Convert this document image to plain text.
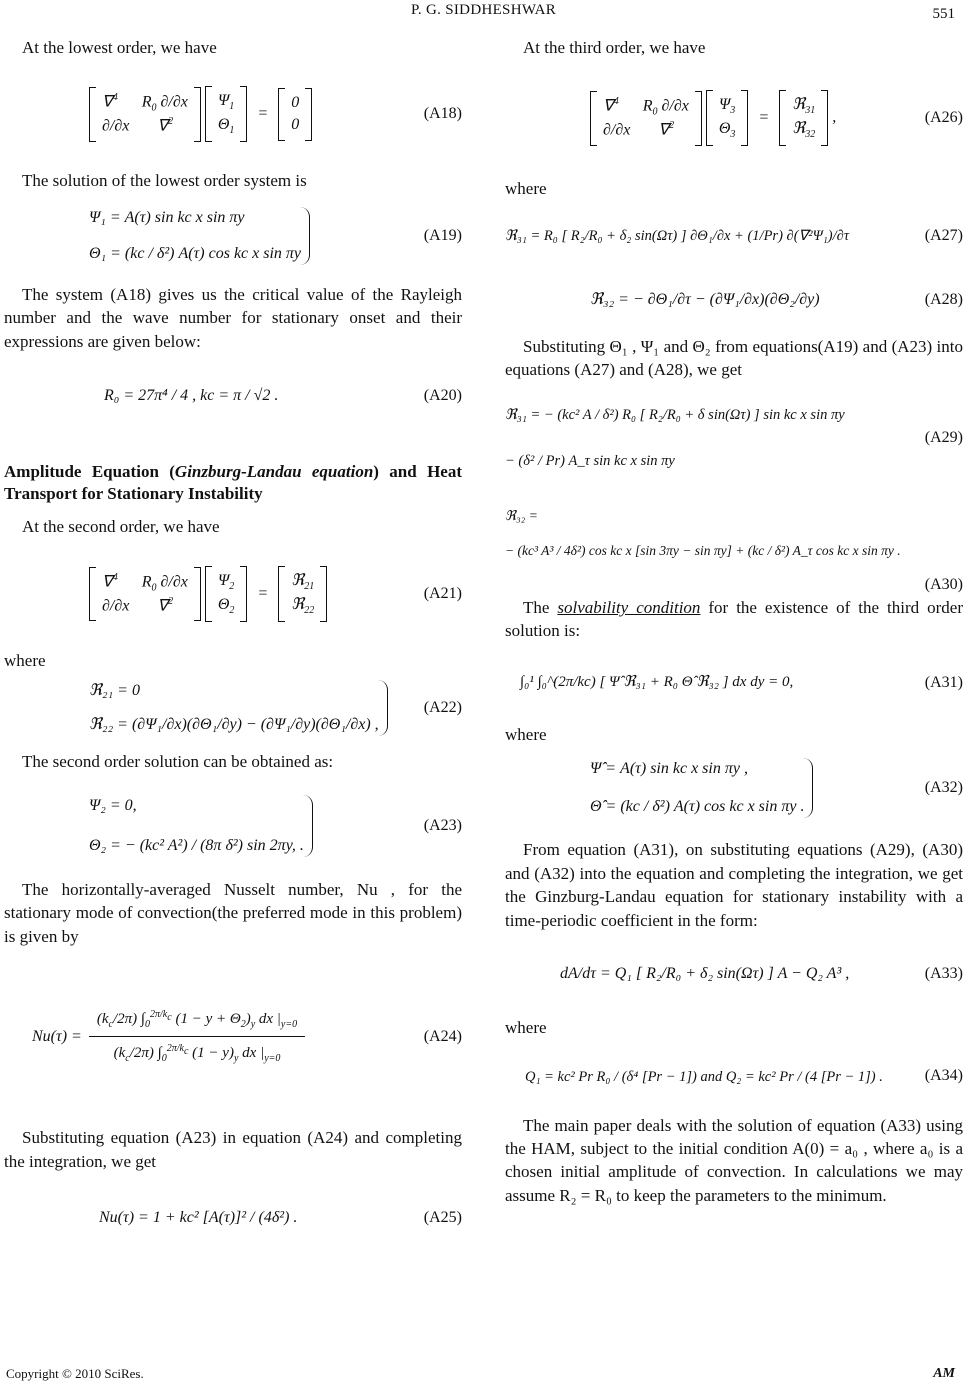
P. G. SIDDHESHWAR	551

At the lowest order, we have

∇$^4$      $R_0$ ∂/∂x
∂/∂x       ∇$^2$

$\Psi_1$
$\Theta_1$
=
0
0
(A18)

The solution of the lowest order system is

Ψ₁ = A(τ) sin kc x sin πy
Θ₁ = (kc / δ²) A(τ) cos kc x sin πy
(A19)

The system (A18) gives us the critical value of the Rayleigh number and the wave number for stationary onset and their expressions are given below:

R₀ = 27π⁴ / 4 , kc = π / √2 .	(A20)

Amplitude Equation (Ginzburg-Landau equation) and Heat Transport for Stationary Instability

At the second order, we have

∇$^4$      $R_0$ ∂/∂x
∂/∂x       ∇$^2$

$\Psi_2$
$\Theta_2$
=
ℜ$_{21}$
ℜ$_{22}$
(A21)

where

ℜ₂₁ = 0
ℜ₂₂ = (∂Ψ₁/∂x)(∂Θ₁/∂y) − (∂Ψ₁/∂y)(∂Θ₁/∂x) ,
(A22)

The second order solution can be obtained as:

Ψ₂ = 0,
Θ₂ = − (kc² A²) / (8π δ²) sin 2πy, .
(A23)

The horizontally-averaged Nusselt number, Nu , for the stationary mode of convection(the preferred mode in this problem) is given by

$Nu(\tau) = \frac{(k_c/2\pi) \int_0^{2\pi/k_c} (1 - y + \Theta_2)_y dx |_{y=0}}{(k_c/2\pi) \int_0^{2\pi/k_c} (1 - y)_y dx |_{y=0}}$	(A24)

Substituting equation (A23) in equation (A24) and completing the integration, we get

Nu(τ) = 1 + kc² [A(τ)]² / (4δ²) .	(A25)

At the third order, we have

∇$^4$      $R_0$ ∂/∂x
∂/∂x       ∇$^2$

$\Psi_3$
$\Theta_3$
=
ℜ$_{31}$
ℜ$_{32}$
,	(A26)

where

ℜ₃₁ = R₀ [ R₂/R₀ + δ₂ sin(Ωτ) ] ∂Θ₁/∂x + (1/Pr) ∂(∇²Ψ₁)/∂τ	(A27)
ℜ₃₂ = − ∂Θ₁/∂τ − (∂Ψ₁/∂x)(∂Θ₂/∂y)	(A28)

Substituting Θ₁ , Ψ₁ and Θ₂ from equations(A19) and (A23) into equations (A27) and (A28), we get

ℜ₃₁ = − (kc² A / δ²) R₀ [ R₂/R₀ + δ sin(Ωτ) ] sin kc x sin πy
− (δ² / Pr) A_τ sin kc x sin πy
(A29)
ℜ₃₂ =
− (kc³ A³ / 4δ²) cos kc x [sin 3πy − sin πy] + (kc / δ²) A_τ cos kc x sin πy .
(A30)

The solvability condition for the existence of the third order solution is:

∫₀¹ ∫₀^(2π/kc) [ Ψ̂ ℜ₃₁ + R₀ Θ̂ ℜ₃₂ ] dx dy = 0,	(A31)

where

Ψ̂ = A(τ) sin kc x sin πy ,
Θ̂ = (kc / δ²) A(τ) cos kc x sin πy .
(A32)

From equation (A31), on substituting equations (A29), (A30) and (A32) into the equation and completing the integration, we get the Ginzburg-Landau equation for stationary instability with a time-periodic coefficient in the form:

dA/dτ = Q₁ [ R₂/R₀ + δ₂ sin(Ωτ) ] A − Q₂ A³ ,	(A33)

where

Q₁ = kc² Pr R₀ / (δ⁴ [Pr − 1]) and Q₂ = kc² Pr / (4 [Pr − 1]) .	(A34)

The main paper deals with the solution of equation (A33) using the HAM, subject to the initial condition A(0) = a₀ , where a₀ is a chosen initial amplitude of convection. In calculations we may assume R₂ = R₀ to keep the parameters to the minimum.

Copyright © 2010 SciRes.	AM
